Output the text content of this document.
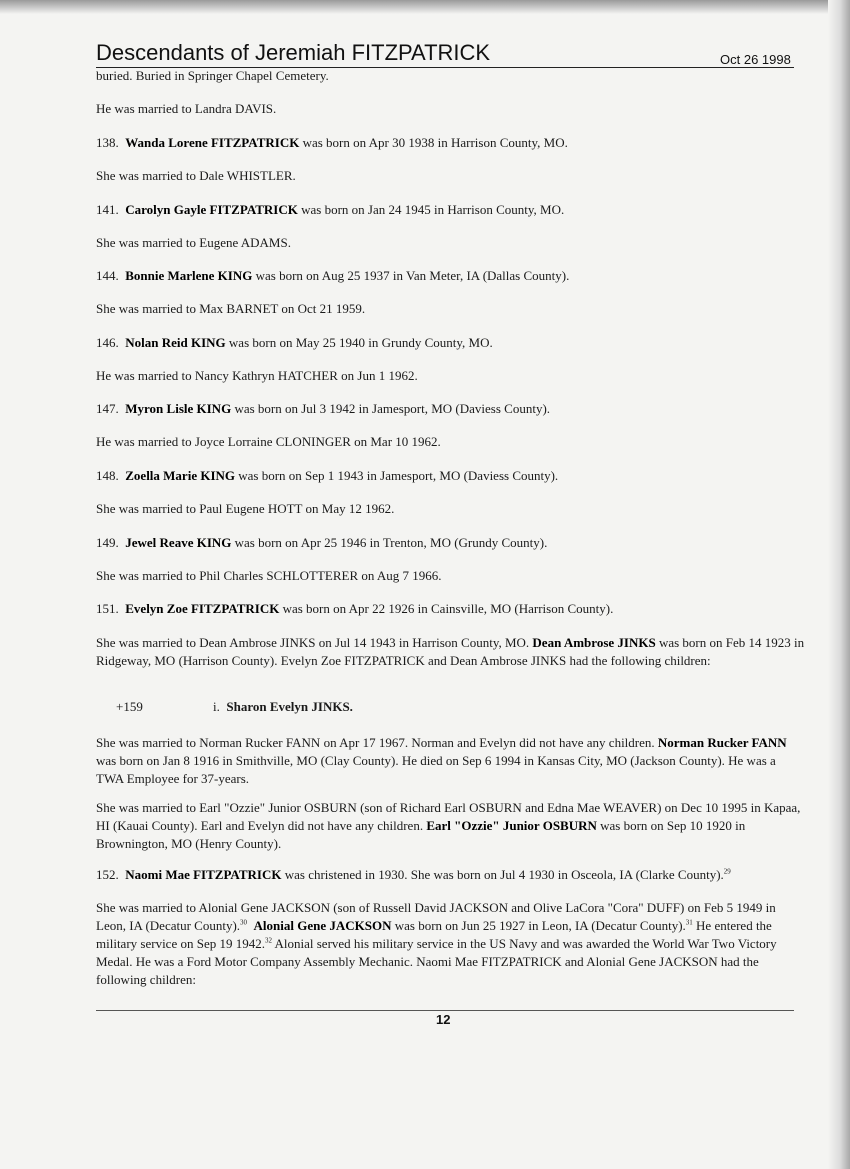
Descendants of Jeremiah FITZPATRICK	Oct 26 1998
buried. Buried in Springer Chapel Cemetery.
He was married to Landra DAVIS.
138. Wanda Lorene FITZPATRICK was born on Apr 30 1938 in Harrison County, MO.
She was married to Dale WHISTLER.
141. Carolyn Gayle FITZPATRICK was born on Jan 24 1945 in Harrison County, MO.
She was married to Eugene ADAMS.
144. Bonnie Marlene KING was born on Aug 25 1937 in Van Meter, IA (Dallas County).
She was married to Max BARNET on Oct 21 1959.
146. Nolan Reid KING was born on May 25 1940 in Grundy County, MO.
He was married to Nancy Kathryn HATCHER on Jun 1 1962.
147. Myron Lisle KING was born on Jul 3 1942 in Jamesport, MO (Daviess County).
He was married to Joyce Lorraine CLONINGER on Mar 10 1962.
148. Zoella Marie KING was born on Sep 1 1943 in Jamesport, MO (Daviess County).
She was married to Paul Eugene HOTT on May 12 1962.
149. Jewel Reave KING was born on Apr 25 1946 in Trenton, MO (Grundy County).
She was married to Phil Charles SCHLOTTERER on Aug 7 1966.
151. Evelyn Zoe FITZPATRICK was born on Apr 22 1926 in Cainsville, MO (Harrison County).
She was married to Dean Ambrose JINKS on Jul 14 1943 in Harrison County, MO. Dean Ambrose JINKS was born on Feb 14 1923 in Ridgeway, MO (Harrison County). Evelyn Zoe FITZPATRICK and Dean Ambrose JINKS had the following children:
+159	i. Sharon Evelyn JINKS.
She was married to Norman Rucker FANN on Apr 17 1967. Norman and Evelyn did not have any children. Norman Rucker FANN was born on Jan 8 1916 in Smithville, MO (Clay County). He died on Sep 6 1994 in Kansas City, MO (Jackson County). He was a TWA Employee for 37-years.
She was married to Earl "Ozzie" Junior OSBURN (son of Richard Earl OSBURN and Edna Mae WEAVER) on Dec 10 1995 in Kapaa, HI (Kauai County). Earl and Evelyn did not have any children. Earl "Ozzie" Junior OSBURN was born on Sep 10 1920 in Brownington, MO (Henry County).
152. Naomi Mae FITZPATRICK was christened in 1930. She was born on Jul 4 1930 in Osceola, IA (Clarke County).$^{29}$
She was married to Alonial Gene JACKSON (son of Russell David JACKSON and Olive LaCora "Cora" DUFF) on Feb 5 1949 in Leon, IA (Decatur County).$^{30}$ Alonial Gene JACKSON was born on Jun 25 1927 in Leon, IA (Decatur County).$^{31}$ He entered the military service on Sep 19 1942.32 Alonial served his military service in the US Navy and was awarded the World War Two Victory Medal. He was a Ford Motor Company Assembly Mechanic. Naomi Mae FITZPATRICK and Alonial Gene JACKSON had the following children:
12
